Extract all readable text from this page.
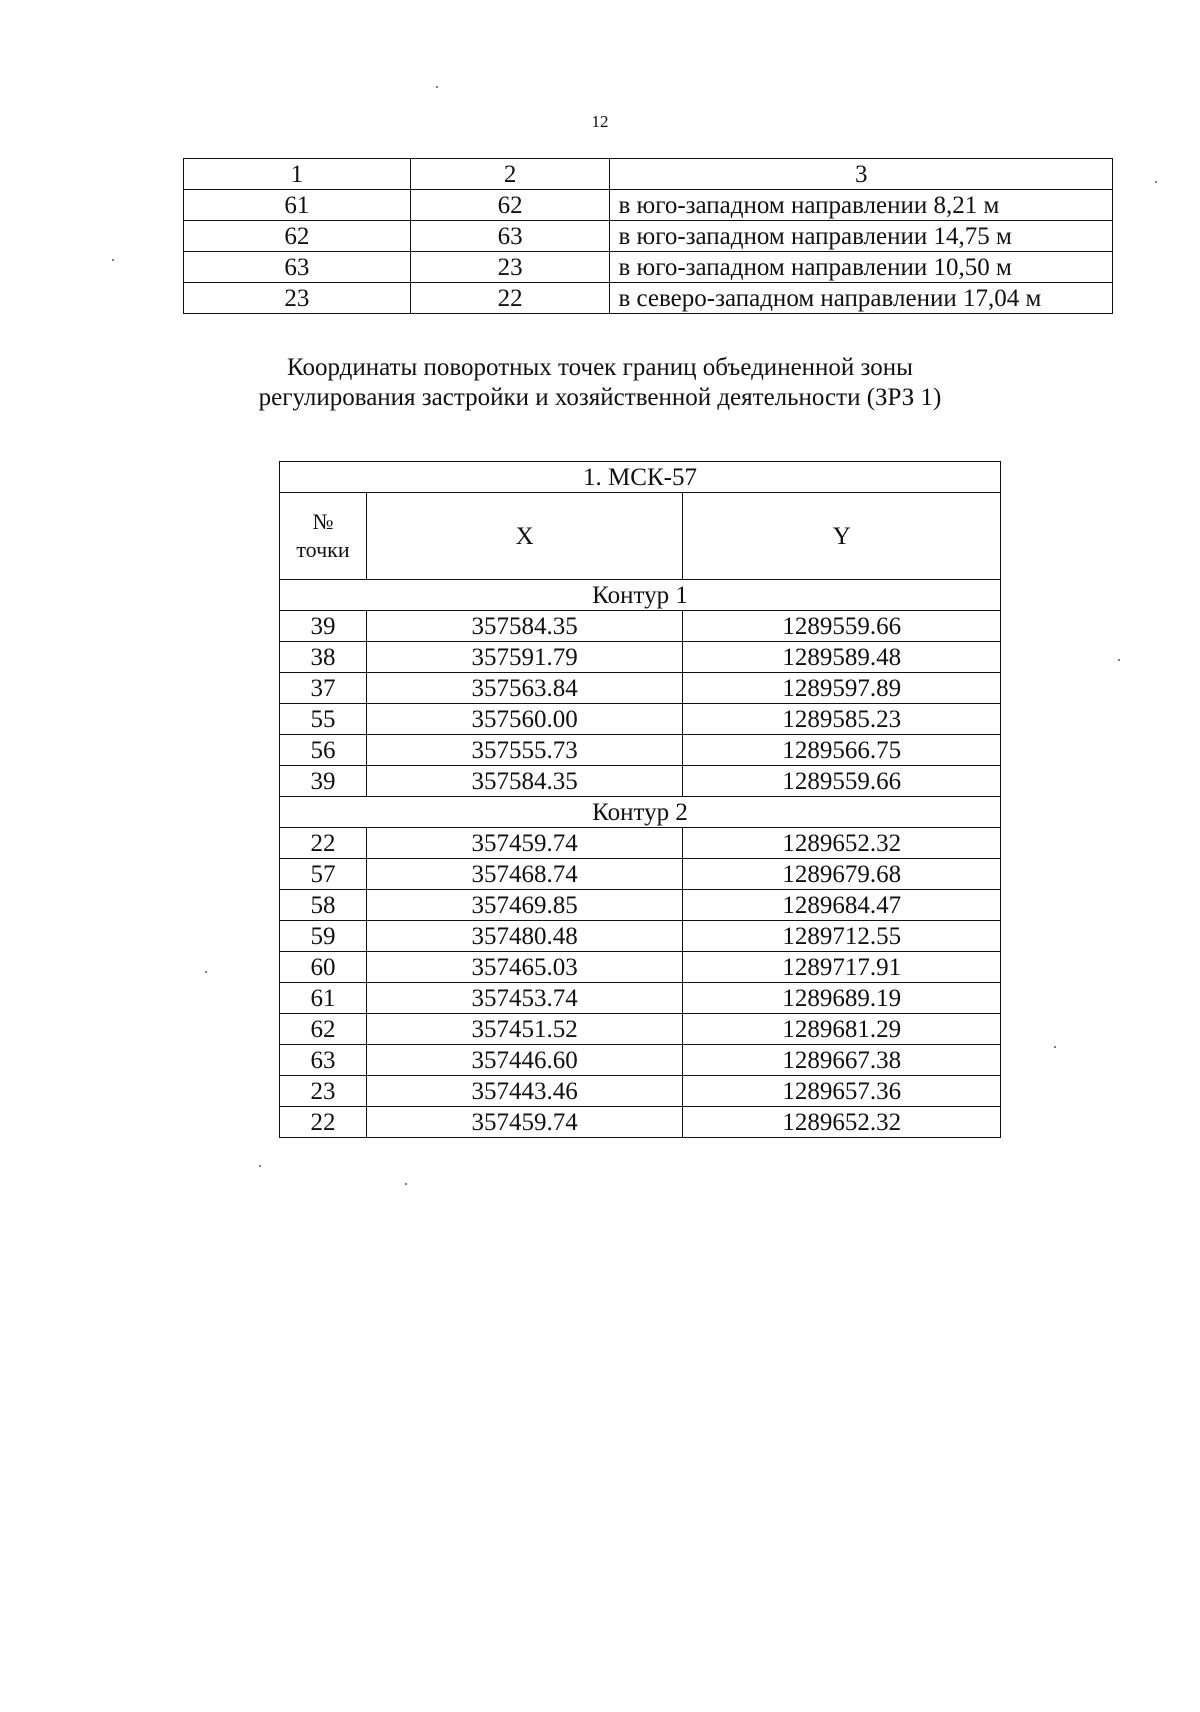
12
1	2	3
61	62	в юго-западном направлении 8,21 м
62	63	в юго-западном направлении 14,75 м
63	23	в юго-западном направлении 10,50 м
23	22	в северо-западном направлении 17,04 м
Координаты поворотных точек границ объединенной зоны
регулирования застройки и хозяйственной деятельности (ЗРЗ 1)
1. МСК-57		

№
точки	X	Y
Контур 1		
39	357584.35	1289559.66
38	357591.79	1289589.48
37	357563.84	1289597.89
55	357560.00	1289585.23
56	357555.73	1289566.75
39	357584.35	1289559.66
Контур 2		
22	357459.74	1289652.32
57	357468.74	1289679.68
58	357469.85	1289684.47
59	357480.48	1289712.55
60	357465.03	1289717.91
61	357453.74	1289689.19
62	357451.52	1289681.29
63	357446.60	1289667.38
23	357443.46	1289657.36
22	357459.74	1289652.32
